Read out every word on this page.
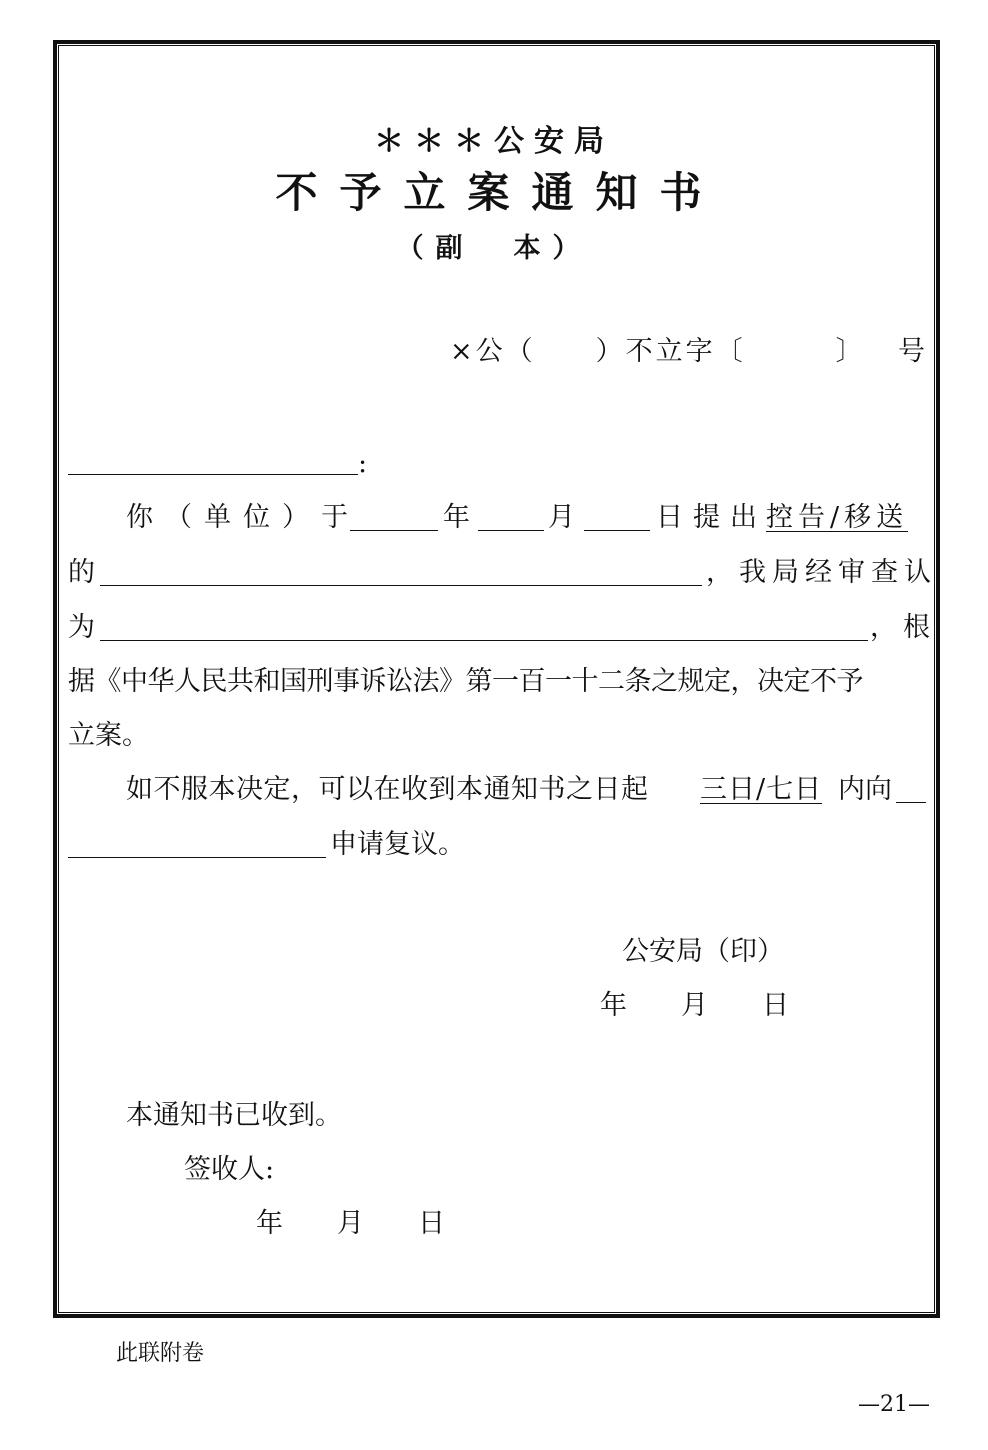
＊＊＊公安局
不予立案通知书
（副　本）
×公（　　）不立字〔　　　〕 号
:
你（单位）于	年	月	日提出 控告/移送
的	，我局经审查认
为	，根
据《中华人民共和国刑事诉讼法》第一百一十二条之规定，决定不予
立案。
如不服本决定，可以在收到本通知书之日起 三日/七日 内向
申请复议。
公安局（印）
年　　月　　日
本通知书已收到。
签收人:
年　　月　　日
此联附卷
—21—
